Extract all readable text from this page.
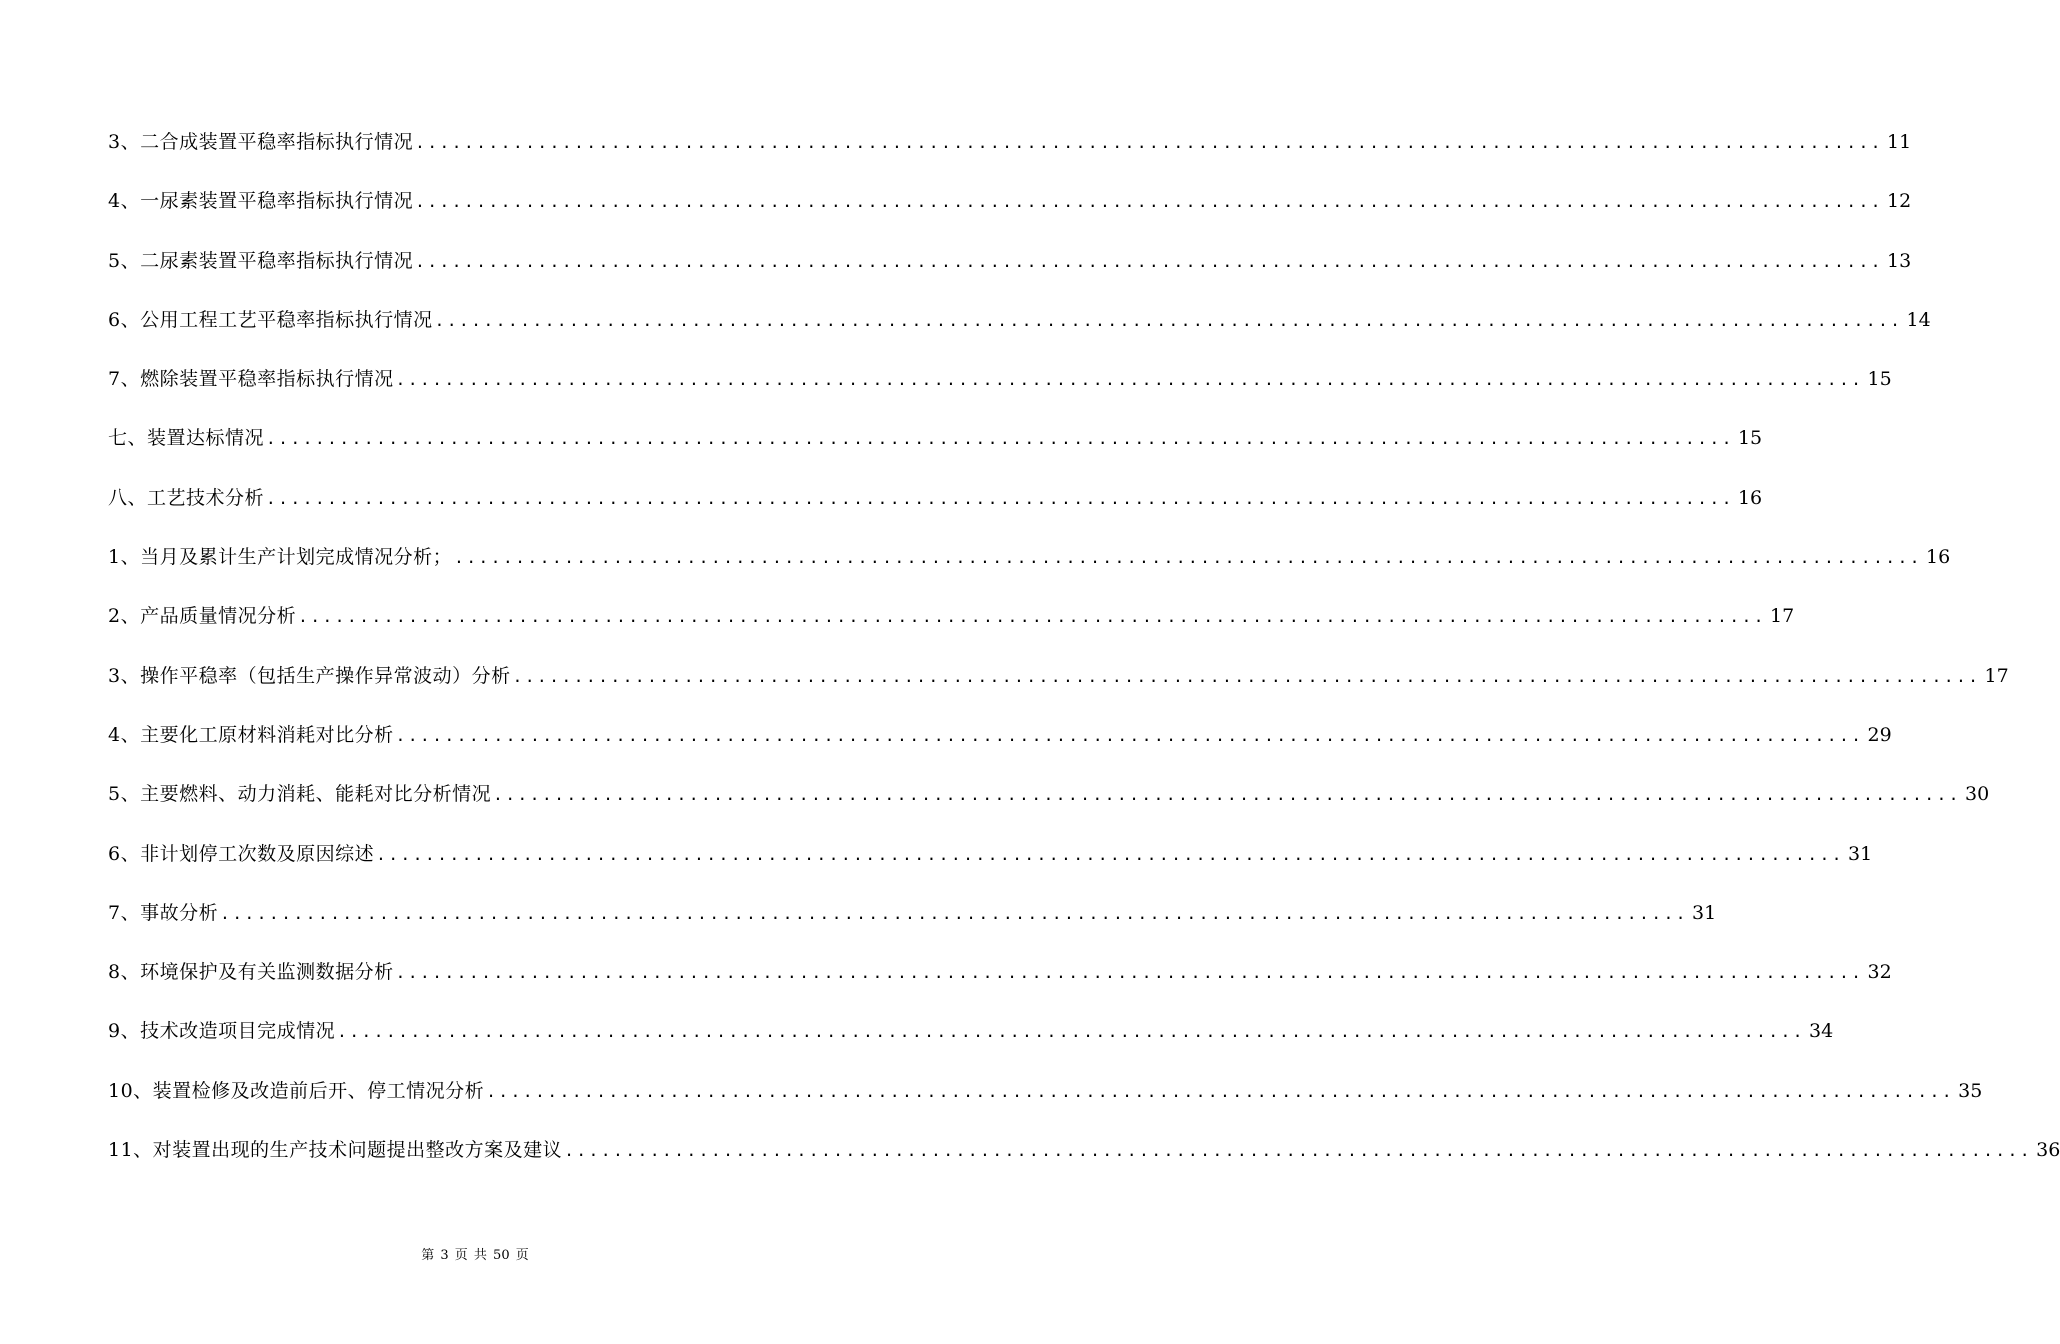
3、二合成装置平稳率指标执行情况 ........................................................................................................................ 11
4、一尿素装置平稳率指标执行情况 ........................................................................................................................ 12
5、二尿素装置平稳率指标执行情况 ........................................................................................................................ 13
6、公用工程工艺平稳率指标执行情况 ........................................................................................................................ 14
7、燃除装置平稳率指标执行情况 ........................................................................................................................ 15
七、装置达标情况 ........................................................................................................................ 15
八、工艺技术分析 ........................................................................................................................ 16
1、当月及累计生产计划完成情况分析； ........................................................................................................................ 16
2、产品质量情况分析 ........................................................................................................................ 17
3、操作平稳率（包括生产操作异常波动）分析 ........................................................................................................................ 17
4、主要化工原材料消耗对比分析 ........................................................................................................................ 29
5、主要燃料、动力消耗、能耗对比分析情况 ........................................................................................................................ 30
6、非计划停工次数及原因综述 ........................................................................................................................ 31
7、事故分析 ........................................................................................................................ 31
8、环境保护及有关监测数据分析 ........................................................................................................................ 32
9、技术改造项目完成情况 ........................................................................................................................ 34
10、装置检修及改造前后开、停工情况分析 ........................................................................................................................ 35
11、对装置出现的生产技术问题提出整改方案及建议 ........................................................................................................................ 36
第 3 页 共 50 页
